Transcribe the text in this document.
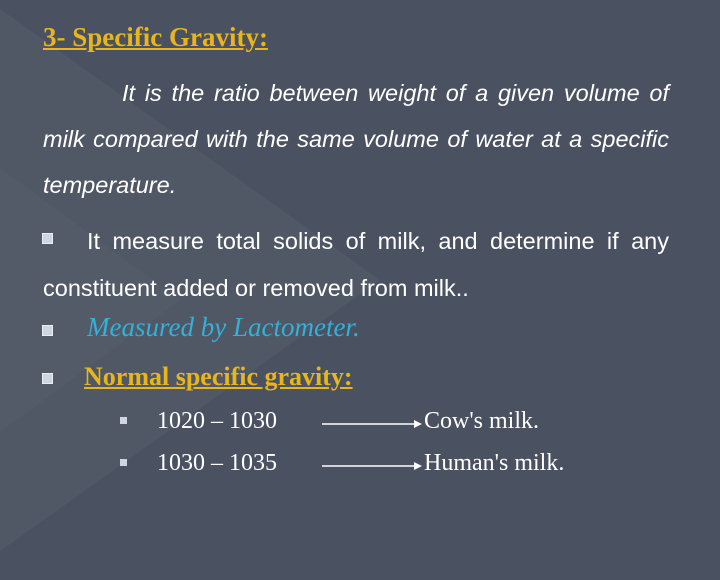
3- Specific Gravity:
It is the ratio between weight of a given volume of milk compared with the same volume of water at a specific temperature.
It measure total solids of milk, and determine if any constituent added or removed from milk..
Measured by Lactometer.
Normal specific gravity:
1020 – 1030	Cow's milk.
1030 – 1035	Human's milk.
